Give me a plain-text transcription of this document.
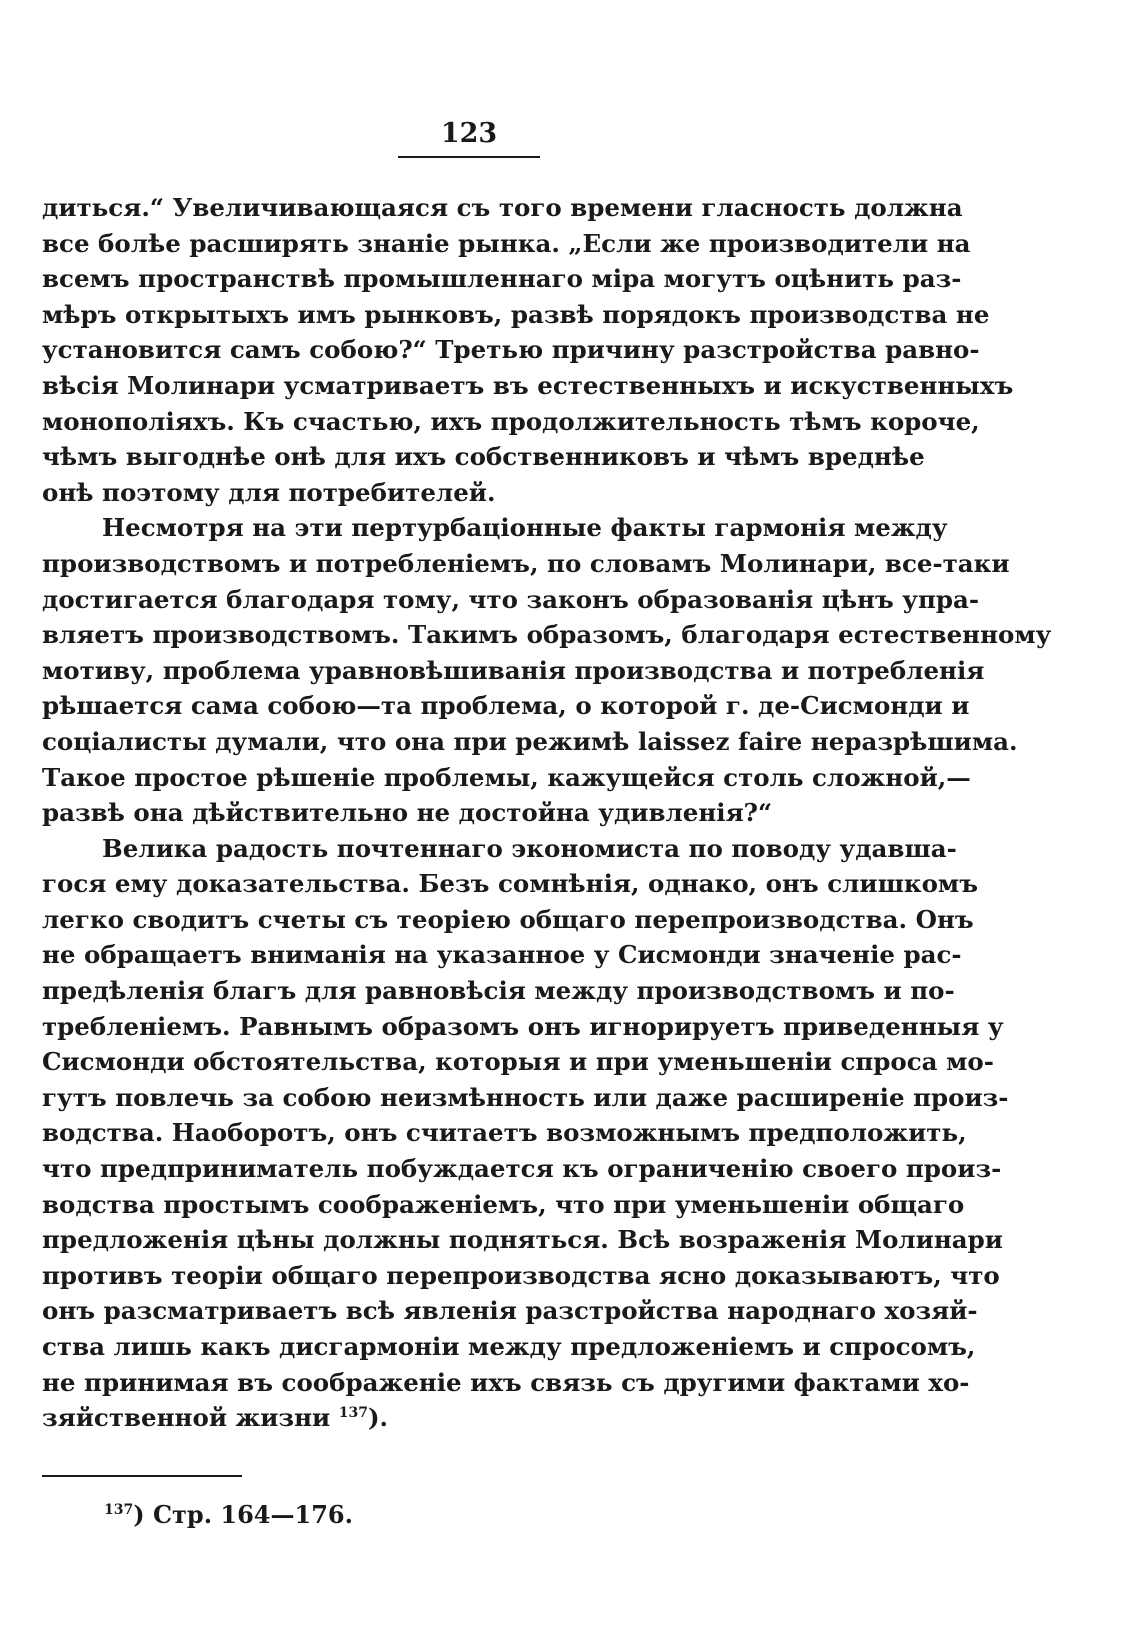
123
диться.“ Увеличивающаяся съ того времени гласность должна
все болѣе расширять знаніе рынка. „Если же производители на
всемъ пространствѣ промышленнаго міра могутъ оцѣнить раз-
мѣръ открытыхъ имъ рынковъ, развѣ порядокъ производства не
установится самъ собою?“ Третью причину разстройства равно-
вѣсія Молинари усматриваетъ въ естественныхъ и искуственныхъ
монополіяхъ. Къ счастью, ихъ продолжительность тѣмъ короче,
чѣмъ выгоднѣе онѣ для ихъ собственниковъ и чѣмъ вреднѣе
онѣ поэтому для потребителей.
Несмотря на эти пертурбаціонные факты гармонія между
производствомъ и потребленіемъ, по словамъ Молинари, все-таки
достигается благодаря тому, что законъ образованія цѣнъ упра-
вляетъ производствомъ. Такимъ образомъ, благодаря естественному
мотиву, проблема уравновѣшиванія производства и потребленія
рѣшается сама собою—та проблема, о которой г. де-Сисмонди и
соціалисты думали, что она при режимѣ laissez faire неразрѣшима.
Такое простое рѣшеніе проблемы, кажущейся столь сложной,—
развѣ она дѣйствительно не достойна удивленія?“
Велика радость почтеннаго экономиста по поводу удавша-
гося ему доказательства. Безъ сомнѣнія, однако, онъ слишкомъ
легко сводитъ счеты съ теоріею общаго перепроизводства. Онъ
не обращаетъ вниманія на указанное у Сисмонди значеніе рас-
предѣленія благъ для равновѣсія между производствомъ и по-
требленіемъ. Равнымъ образомъ онъ игнорируетъ приведенныя у
Сисмонди обстоятельства, которыя и при уменьшеніи спроса мо-
гутъ повлечь за собою неизмѣнность или даже расширеніе произ-
водства. Наоборотъ, онъ считаетъ возможнымъ предположить,
что предприниматель побуждается къ ограниченію своего произ-
водства простымъ соображеніемъ, что при уменьшеніи общаго
предложенія цѣны должны подняться. Всѣ возраженія Молинари
противъ теоріи общаго перепроизводства ясно доказываютъ, что
онъ разсматриваетъ всѣ явленія разстройства народнаго хозяй-
ства лишь какъ дисгармоніи между предложеніемъ и спросомъ,
не принимая въ соображеніе ихъ связь съ другими фактами хо-
зяйственной жизни $^{137}$).
$^{137}$) Стр. 164—176.
